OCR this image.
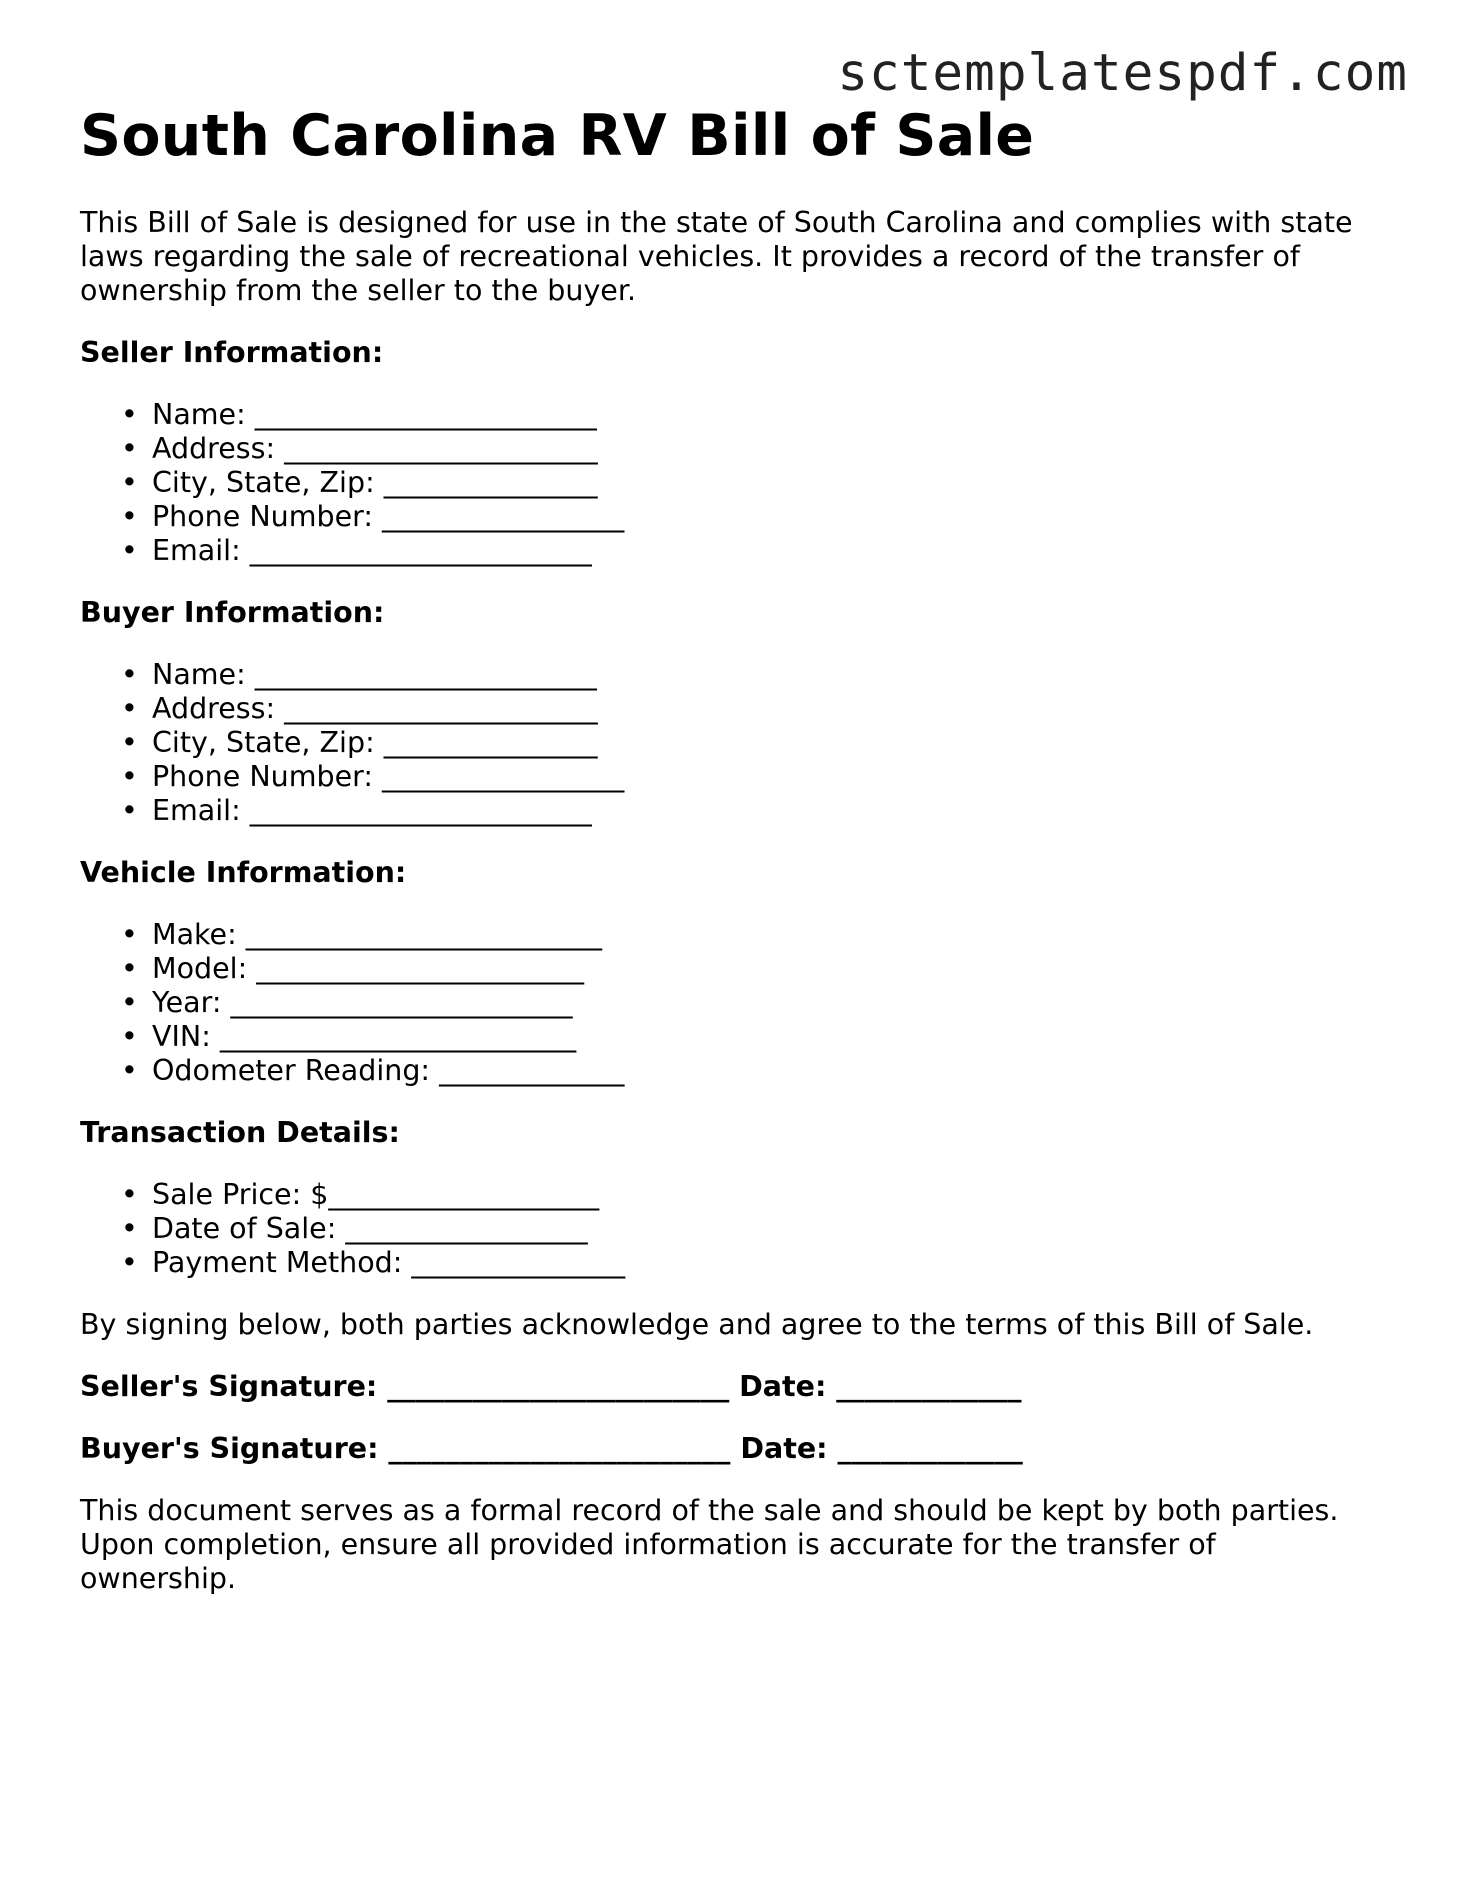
sctemplatespdf.com
South Carolina RV Bill of Sale

This Bill of Sale is designed for use in the state of South Carolina and complies with state laws regarding the sale of recreational vehicles. It provides a record of the transfer of ownership from the seller to the buyer.

Seller Information:

• Name: ________________________
• Address: ______________________
• City, State, Zip: _______________
• Phone Number: _________________
• Email: ________________________

Buyer Information:

• Name: ________________________
• Address: ______________________
• City, State, Zip: _______________
• Phone Number: _________________
• Email: ________________________

Vehicle Information:

• Make: _________________________
• Model: _______________________
• Year: ________________________
• VIN: _________________________
• Odometer Reading: _____________

Transaction Details:

• Sale Price: $___________________
• Date of Sale: _________________
• Payment Method: _______________

By signing below, both parties acknowledge and agree to the terms of this Bill of Sale.

Seller's Signature: ________________________ Date: _____________

Buyer's Signature: ________________________ Date: _____________

This document serves as a formal record of the sale and should be kept by both parties. Upon completion, ensure all provided information is accurate for the transfer of ownership.
